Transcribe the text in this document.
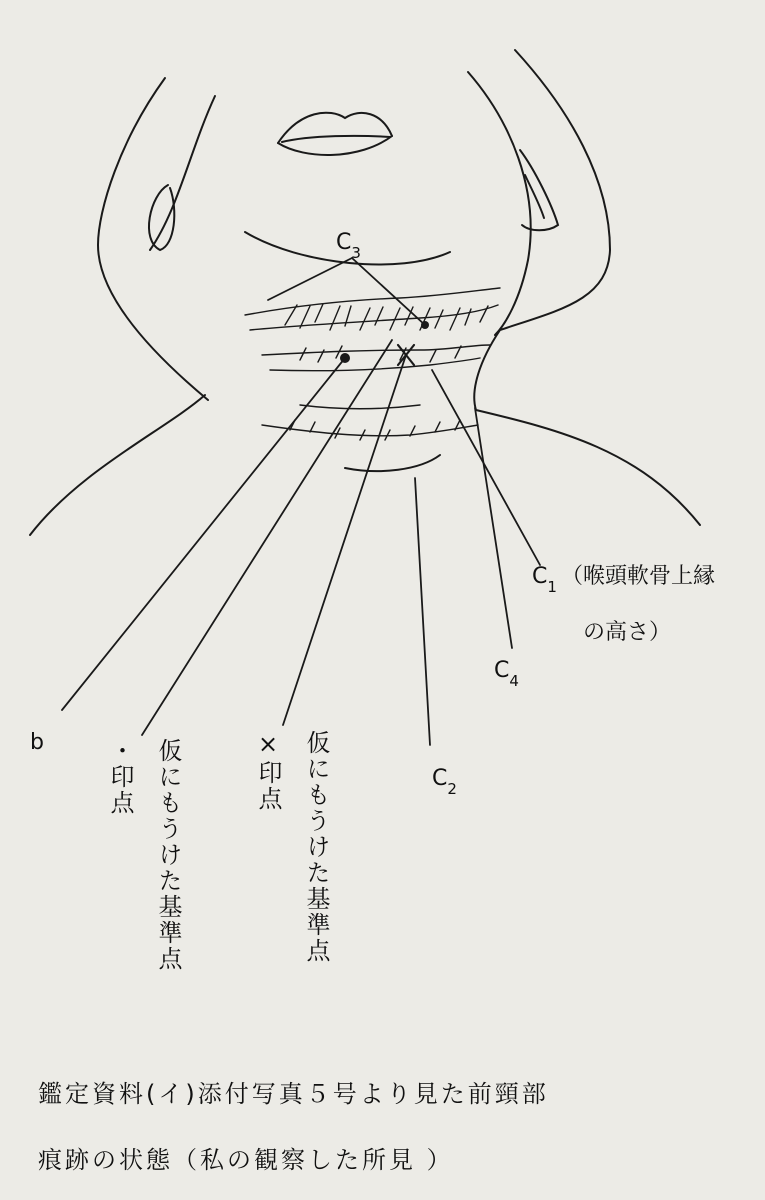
$C_3$
$C_1$ （喉頭軟骨上縁
の高さ）
$C_4$
$C_2$
b	・印点 仮にもうけた基準点	×印点 仮にもうけた基準点
鑑定資料(イ)添付写真５号より見た前頸部
痕跡の状態（私の観察した所見 ）
